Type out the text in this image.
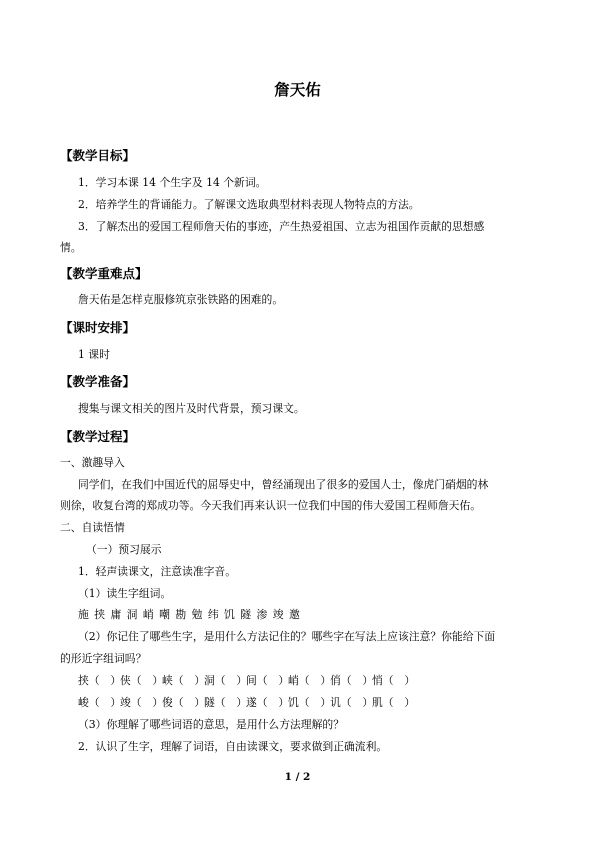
詹天佑
【教学目标】
1．学习本课 14 个生字及 14 个新词。
2．培养学生的背诵能力。了解课文选取典型材料表现人物特点的方法。
3．了解杰出的爱国工程师詹天佑的事迹，产生热爱祖国、立志为祖国作贡献的思想感
情。
【教学重难点】
詹天佑是怎样克服修筑京张铁路的困难的。
【课时安排】
1 课时
【教学准备】
搜集与课文相关的图片及时代背景，预习课文。
【教学过程】
一、激趣导入
同学们，在我们中国近代的屈辱史中，曾经涌现出了很多的爱国人士，像虎门硝烟的林
则徐，收复台湾的郑成功等。今天我们再来认识一位我们中国的伟大爱国工程师詹天佑。
二、自读悟情
（一）预习展示
1．轻声读课文，注意读准字音。
（1）读生字组词。
施 挟 庸 洞 峭 嘲 勘 勉 纬 饥 隧 渗 竣 邀
（2）你记住了哪些生字，是用什么方法记住的？哪些字在写法上应该注意？你能给下面
的形近字组词吗？
挟（　）侠（　）峡（　）洞（　）间（　）峭（　）俏（　）悄（　）
峻（　）竣（　）俊（　）隧（　）遂（　）饥（　）讥（　）肌（　）
（3）你理解了哪些词语的意思，是用什么方法理解的？
2．认识了生字，理解了词语，自由读课文，要求做到正确流利。
1 / 2
